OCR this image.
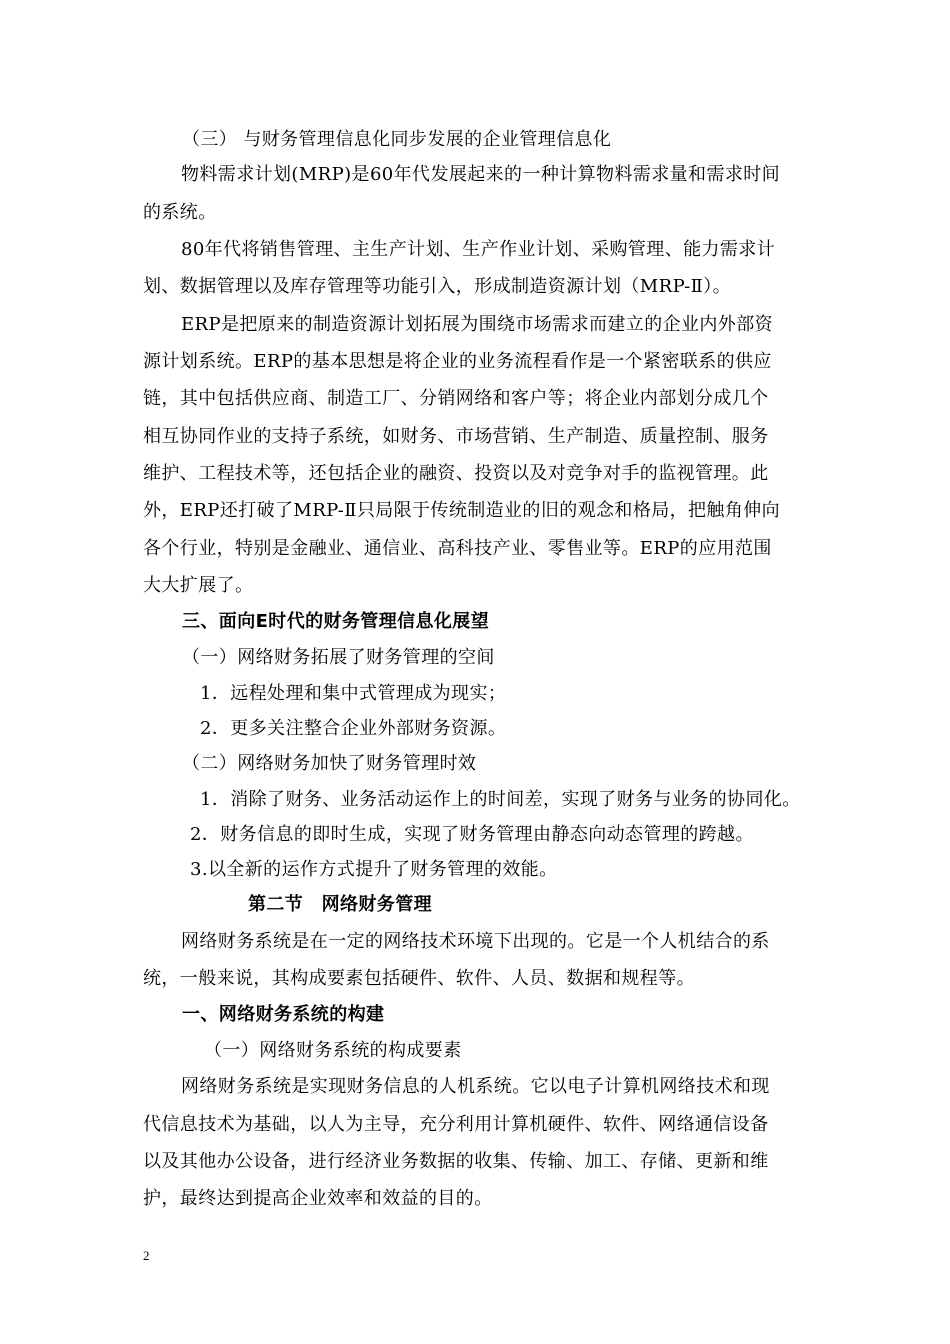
（三） 与财务管理信息化同步发展的企业管理信息化
物料需求计划(MRP)是60年代发展起来的一种计算物料需求量和需求时间
的系统。
80年代将销售管理、主生产计划、生产作业计划、采购管理、能力需求计
划、数据管理以及库存管理等功能引入，形成制造资源计划（MRP-Ⅱ）。
ERP是把原来的制造资源计划拓展为围绕市场需求而建立的企业内外部资
源计划系统。ERP的基本思想是将企业的业务流程看作是一个紧密联系的供应
链，其中包括供应商、制造工厂、分销网络和客户等；将企业内部划分成几个
相互协同作业的支持子系统，如财务、市场营销、生产制造、质量控制、服务
维护、工程技术等，还包括企业的融资、投资以及对竞争对手的监视管理。此
外，ERP还打破了MRP-Ⅱ只局限于传统制造业的旧的观念和格局，把触角伸向
各个行业，特别是金融业、通信业、高科技产业、零售业等。ERP的应用范围
大大扩展了。
三、面向E时代的财务管理信息化展望
（一）网络财务拓展了财务管理的空间
1．远程处理和集中式管理成为现实；
2．更多关注整合企业外部财务资源。
（二）网络财务加快了财务管理时效
1．消除了财务、业务活动运作上的时间差，实现了财务与业务的协同化。
2．财务信息的即时生成，实现了财务管理由静态向动态管理的跨越。
3.以全新的运作方式提升了财务管理的效能。
第二节　网络财务管理
网络财务系统是在一定的网络技术环境下出现的。它是一个人机结合的系
统，一般来说，其构成要素包括硬件、软件、人员、数据和规程等。
一、网络财务系统的构建
（一）网络财务系统的构成要素
网络财务系统是实现财务信息的人机系统。它以电子计算机网络技术和现
代信息技术为基础，以人为主导，充分利用计算机硬件、软件、网络通信设备
以及其他办公设备，进行经济业务数据的收集、传输、加工、存储、更新和维
护，最终达到提高企业效率和效益的目的。
2
